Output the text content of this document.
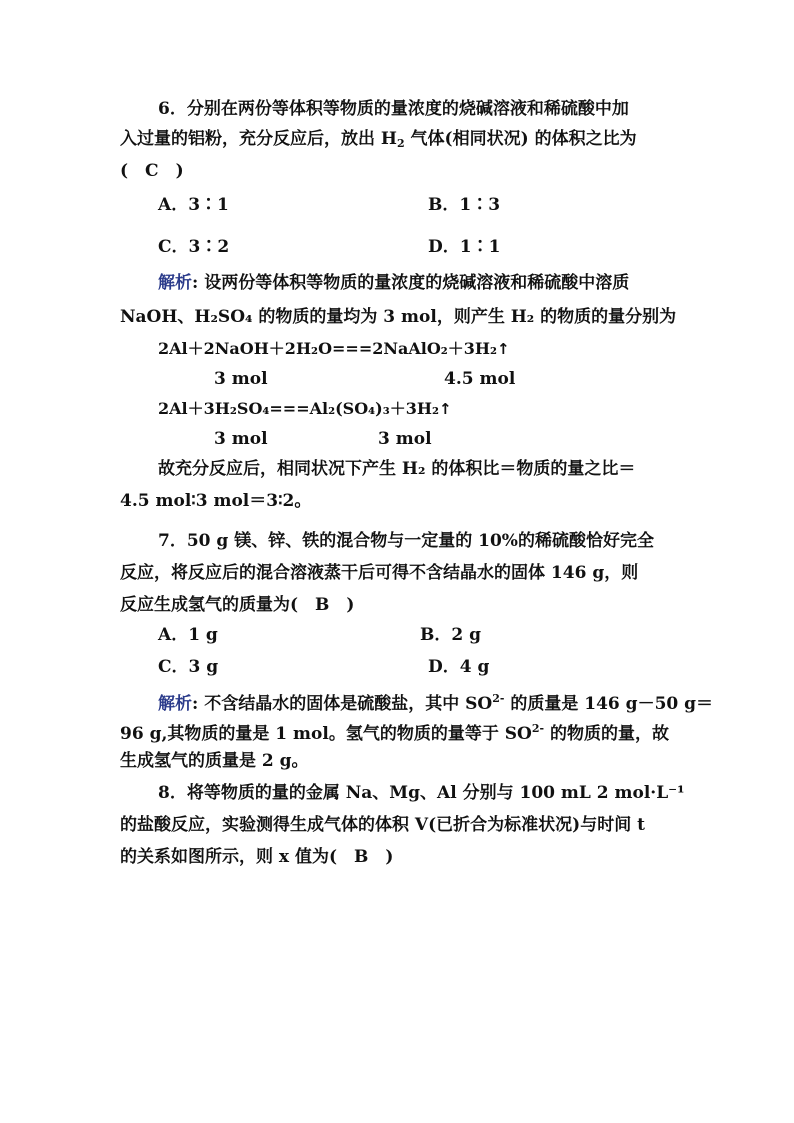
6．分别在两份等体积等物质的量浓度的烧碱溶液和稀硫酸中加
入过量的铝粉，充分反应后，放出 $H_2$ 气体(相同状况) 的体积之比为
(　C　)
A．3∶1	B．1∶3
C．3∶2	D．1∶1
解析: 设两份等体积等物质的量浓度的烧碱溶液和稀硫酸中溶质
NaOH、H₂SO₄ 的物质的量均为 3 mol，则产生 H₂ 的物质的量分别为
2Al＋2NaOH＋2H₂O===2NaAlO₂＋3H₂↑
3 mol	4.5 mol
2Al＋3H₂SO₄===Al₂(SO₄)₃＋3H₂↑
3 mol	3 mol
故充分反应后，相同状况下产生 H₂ 的体积比＝物质的量之比＝
4.5 mol∶3 mol＝3∶2。
7．50 g 镁、锌、铁的混合物与一定量的 10%的稀硫酸恰好完全
反应，将反应后的混合溶液蒸干后可得不含结晶水的固体 146 g，则
反应生成氢气的质量为(　B　)
A．1 g	B．2 g
C．3 g	D．4 g
解析: 不含结晶水的固体是硫酸盐，其中 $SO^{2-}$ 的质量是 146 g－50 g＝
96 g,其物质的量是 1 mol。氢气的物质的量等于 $SO^{2-}$ 的物质的量，故
生成氢气的质量是 2 g。
8．将等物质的量的金属 Na、Mg、Al 分别与 100 mL 2 mol·L⁻¹
的盐酸反应，实验测得生成气体的体积 V(已折合为标准状况)与时间 t
的关系如图所示，则 x 值为(　B　)
